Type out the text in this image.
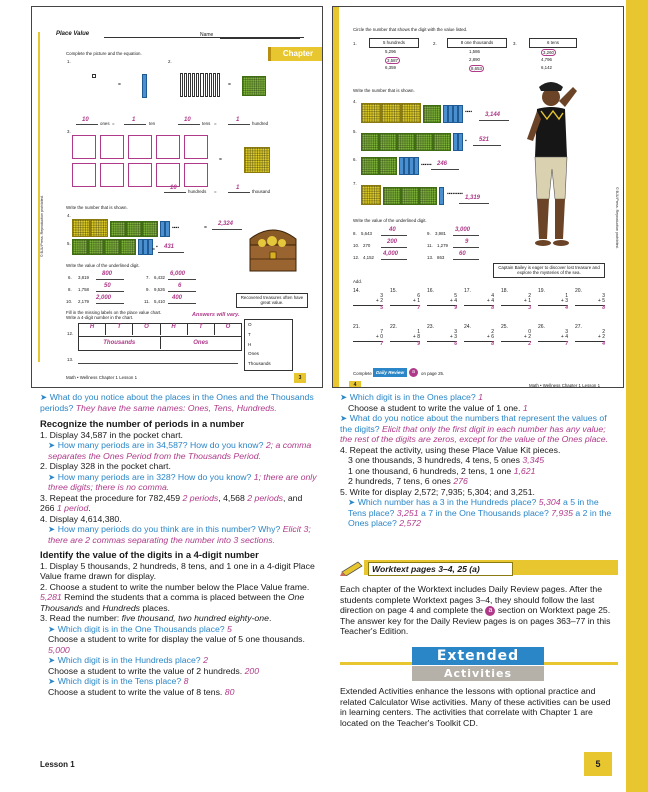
Place Value	Name
Chapter
Complete the picture and the equation.
1.	2.
=	=
10
ones =
1
ten
10
tens =
1
hundred
3.
=
10
hundreds =
1
thousand
Write the number that is shown.
4.
▪▪▪▪	=
2,324
5.
▪
= 431
Recovered treasures often have great value.
Write the value of the underlined digit.
6. 3,819
800
7. 6,432
6,000
8. 1,758
50
9. 9,526
6
10. 2,179
2,000
11. 5,410
400
Fill in the missing labels on the place value chart.
Write a 4-digit number in the chart.	Answers will vary.
12.
H	T	O	H	T	O
Thousands	Ones
O
T
H
Ones
Thousands
13.
Math • Wellness Chapter 1 Lesson 1	3
© BJU Press. Reproduction prohibited.
Circle the number that shows the digit with the value listed.
1.	5 hundreds
5,296
3,587
6,359
2.	8 one thousands
1,586
2,890
8,653
3.	6 tens
3,260
4,796
6,142
Write the number that is shown.
4.
▪▪▪▪ 3,144
5.
▪ 521
6.
▪▪▪▪▪▪ 246
7.
▪▪▪▪▪▪▪▪▪
1,319
Write the value of the underlined digit.
8. 5,643
40
9. 3,981
3,000
10. 270
200
11. 1,279
9
12. 4,152
4,000
13. 863
60
Captain Bailey is eager to discover lost treasure and explore the mysteries of the sea.
Add.
14.
3
+ 2
5
15.
6
+ 1
7
16.
5
+ 4
9
17.
4
+ 4
8
18.
2
+ 1
3
19.
1
+ 3
4
20.
3
+ 5
8
21.
7
+ 0
7
22.
1
+ 8
9
23.
3
+ 3
6
24.
2
+ 6
8
25.
0
+ 2
2
26.
3
+ 4
7
27.
2
+ 2
4
Complete Daily Review	a	on page 25.
4	Math • Wellness Chapter 1 Lesson 1
© BJU Press. Reproduction prohibited.

➤ What do you notice about the places in the Ones and the Thousands periods? They have the same names: Ones, Tens, Hundreds.

Recognize the number of periods in a number

1. Display 34,587 in the pocket chart.

➤ How many periods are in 34,587? How do you know? 2; a comma separates the Ones Period from the Thousands Period.

2. Display 328 in the pocket chart.

➤ How many periods are in 328? How do you know? 1; there are only three digits; there is no comma.

3. Repeat the procedure for 782,459 2 periods, 4,568 2 periods, and 266 1 period.

4. Display 4,614,380.

➤ How many periods do you think are in this number? Why? Elicit 3; there are 2 commas separating the number into 3 sections.

Identify the value of the digits in a 4-digit number

1. Display 5 thousands, 2 hundreds, 8 tens, and 1 one in a 4-digit Place Value frame drawn for display.

2. Choose a student to write the number below the Place Value frame. 5,281 Remind the students that a comma is placed between the One Thousands and Hundreds places.

3. Read the number: five thousand, two hundred eighty-one.

➤ Which digit is in the One Thousands place? 5

Choose a student to write for display the value of 5 one thousands. 5,000

➤ Which digit is in the Hundreds place? 2

Choose a student to write the value of 2 hundreds. 200

➤ Which digit is in the Tens place? 8

Choose a student to write the value of 8 tens. 80

➤ Which digit is in the Ones place? 1

Choose a student to write the value of 1 one. 1

➤ What do you notice about the numbers that represent the values of the digits? Elicit that only the first digit in each number has any value; the rest of the digits are zeros, except for the value of the Ones place.

4. Repeat the activity, using these Place Value Kit pieces.

3 one thousands, 3 hundreds, 4 tens, 5 ones 3,345

1 one thousand, 6 hundreds, 2 tens, 1 one 1,621

2 hundreds, 7 tens, 6 ones 276

5. Write for display 2,572; 7,935; 5,304; and 3,251.

➤ Which number has a 3 in the Hundreds place? 5,304 a 5 in the Tens place? 3,251 a 7 in the One Thousands place? 7,935 a 2 in the Ones place? 2,572

Worktext pages 3–4, 25 (a)

Each chapter of the Worktext includes Daily Review pages. After the students complete Worktext pages 3–4, they should follow the last direction on page 4 and complete the a section on Worktext page 25. The answer key for the Daily Review pages is on pages 363–77 in this Teacher's Edition.

Extended
Activities

Extended Activities enhance the lessons with optional practice and related Calculator Wise activities. Many of these activities can be used in learning centers. The activities that correlate with Chapter 1 are located on the Teacher's Toolkit CD.

Lesson 1	5
